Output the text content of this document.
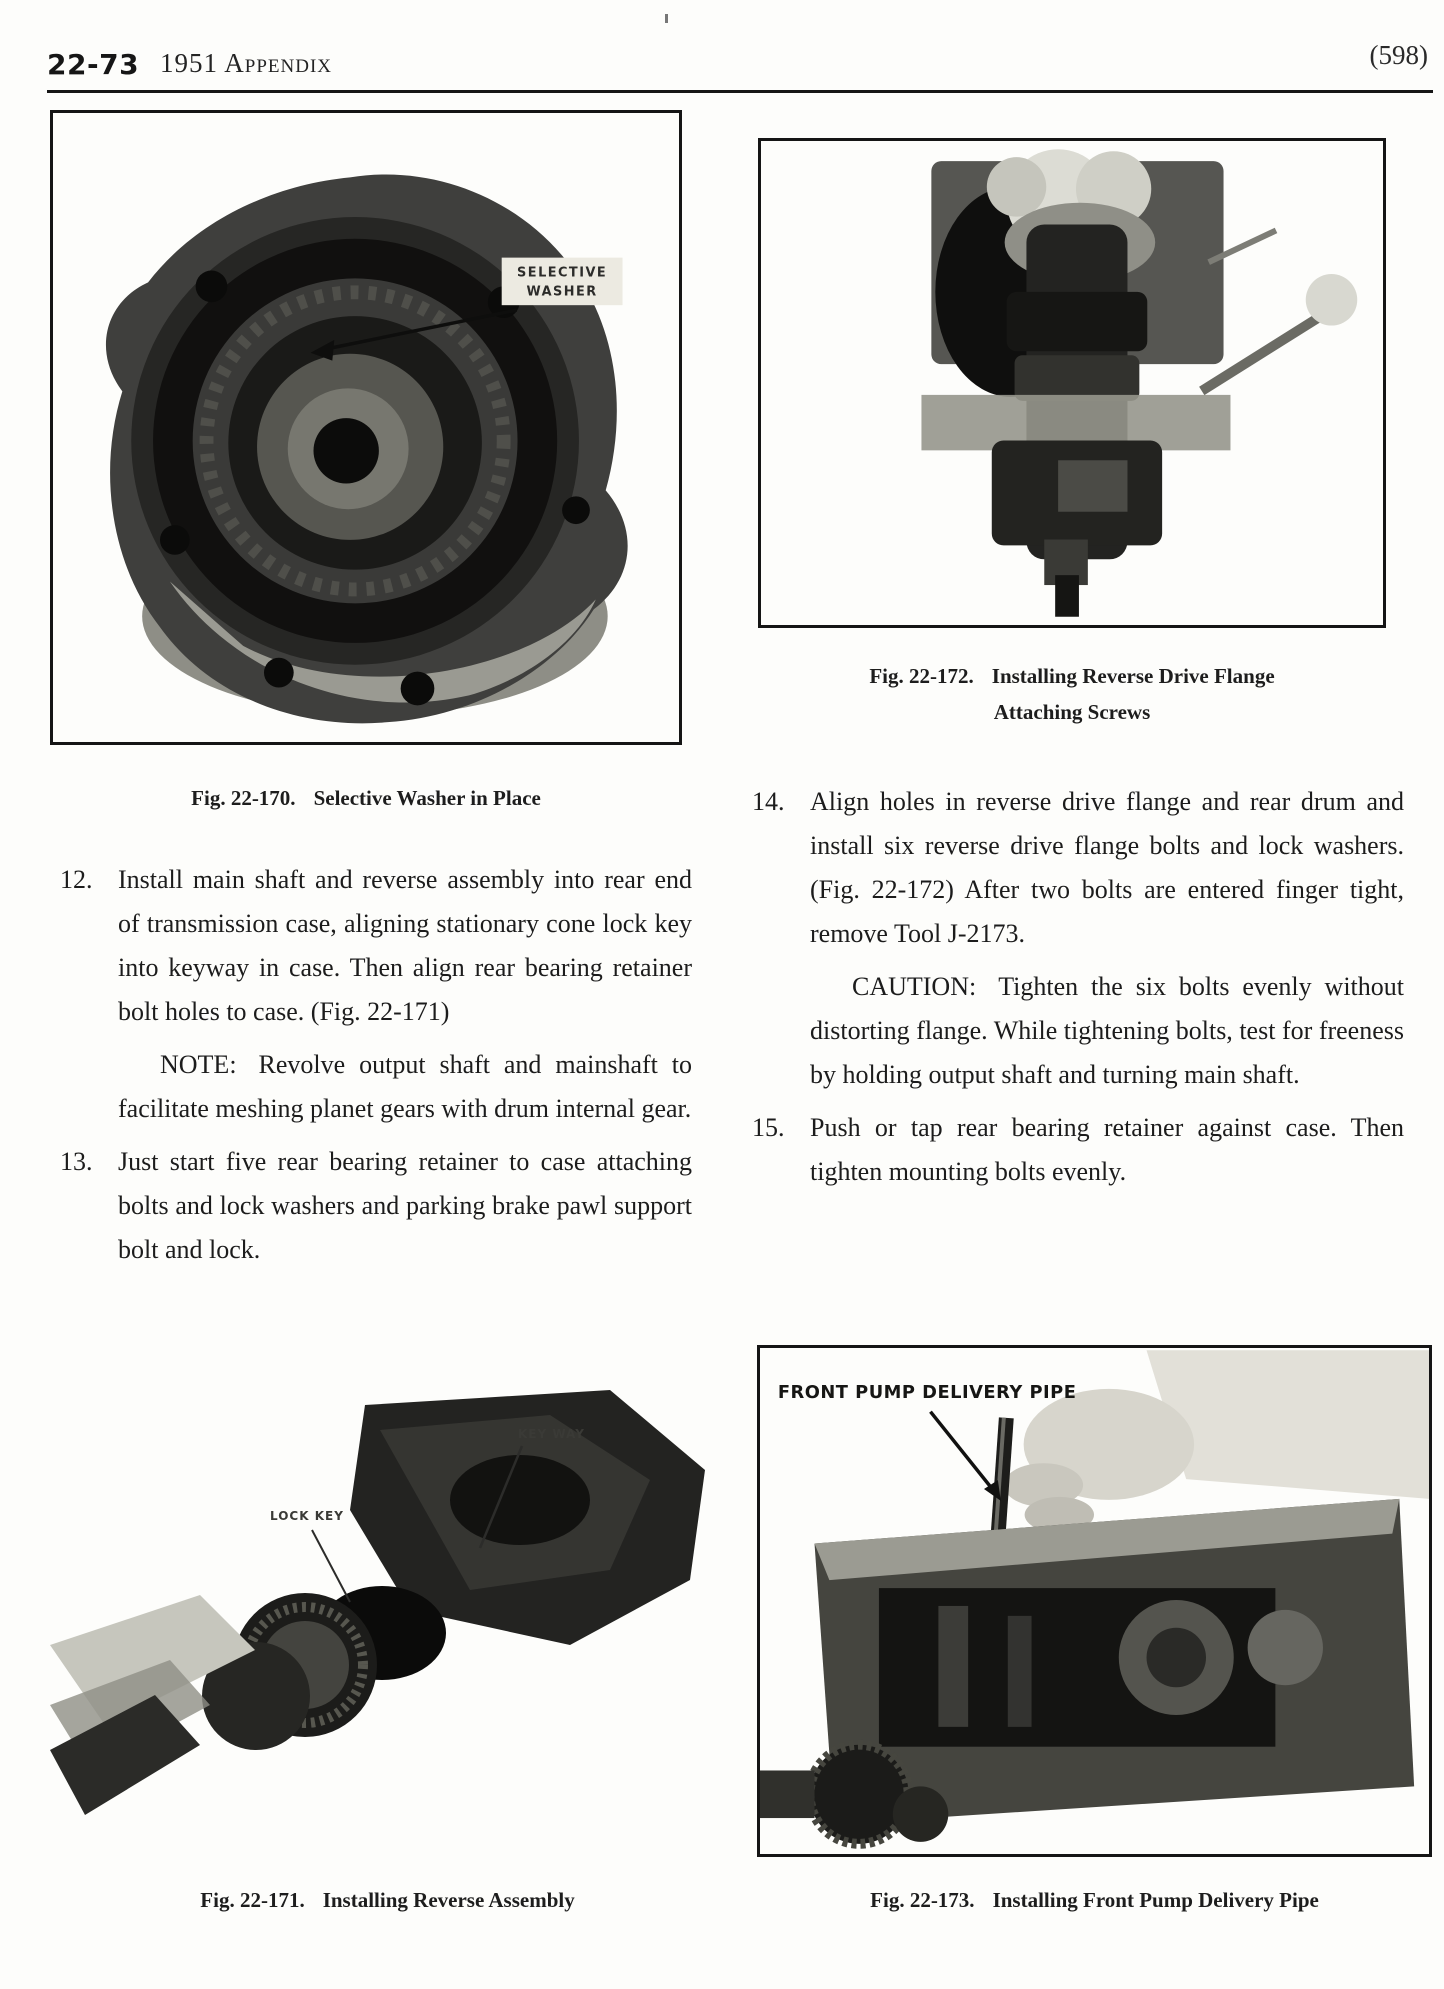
22-73 1951 Appendix	(598)
SELECTIVE
WASHER
Fig. 22-170. Selective Washer in Place
Fig. 22-172. Installing Reverse Drive Flange Attaching Screws

12. Install main shaft and reverse assembly into rear end of transmission case, aligning stationary cone lock key into keyway in case. Then align rear bearing retainer bolt holes to case. (Fig. 22-171)

NOTE: Revolve output shaft and mainshaft to facilitate meshing planet gears with drum internal gear.

13. Just start five rear bearing retainer to case attaching bolts and lock washers and parking brake pawl support bolt and lock.

14. Align holes in reverse drive flange and rear drum and install six reverse drive flange bolts and lock washers. (Fig. 22-172) After two bolts are entered finger tight, remove Tool J-2173.

CAUTION: Tighten the six bolts evenly without distorting flange. While tightening bolts, test for freeness by holding output shaft and turning main shaft.

15. Push or tap rear bearing retainer against case. Then tighten mounting bolts evenly.

KEY WAY
LOCK KEY
Fig. 22-171. Installing Reverse Assembly
FRONT PUMP DELIVERY PIPE
Fig. 22-173. Installing Front Pump Delivery Pipe
